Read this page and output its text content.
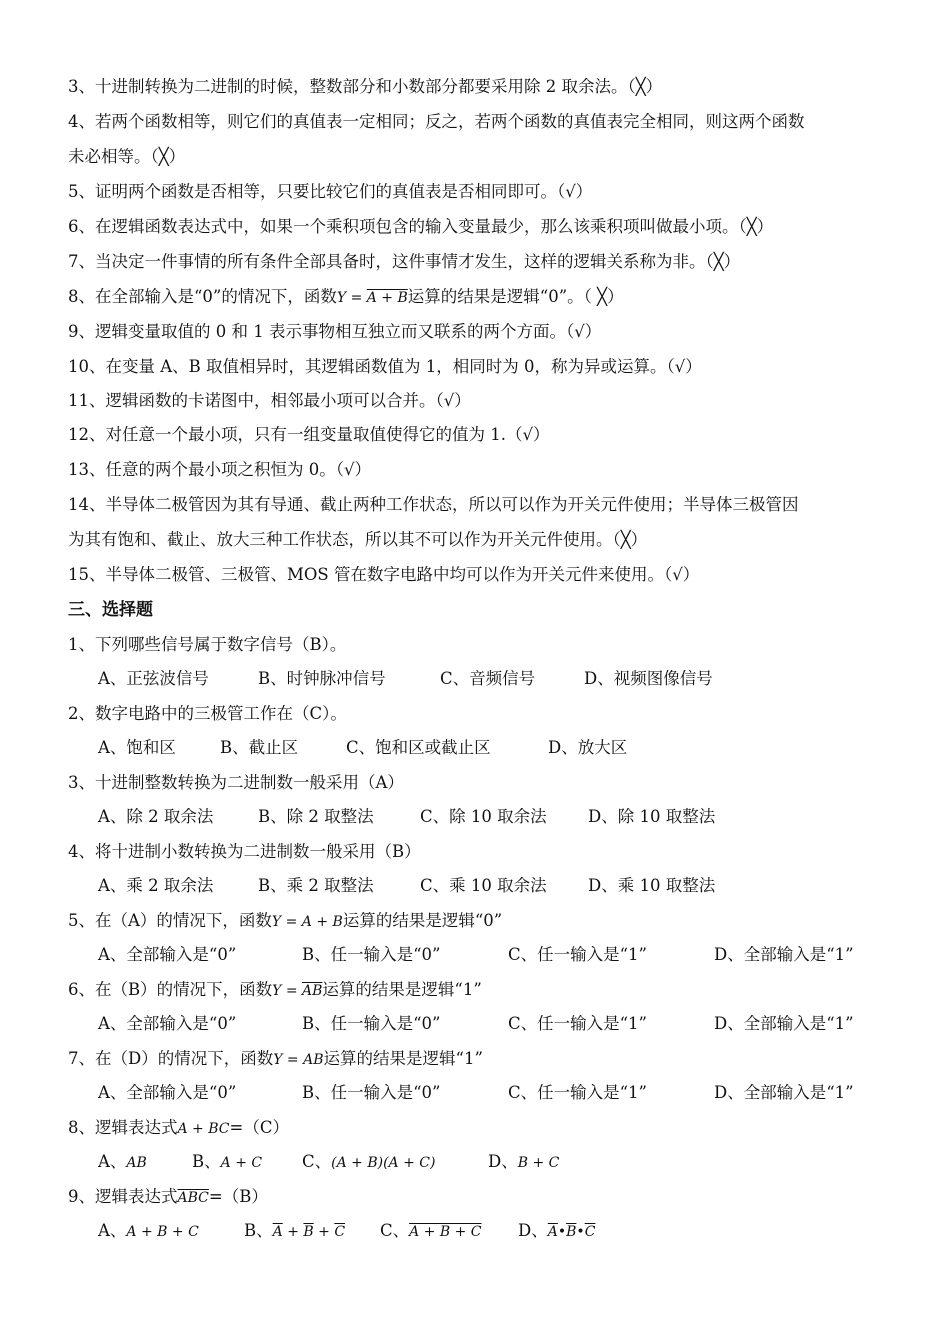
3、十进制转换为二进制的时候，整数部分和小数部分都要采用除 2 取余法。（╳）
4、若两个函数相等，则它们的真值表一定相同；反之，若两个函数的真值表完全相同，则这两个函数
未必相等。（╳）
5、证明两个函数是否相等，只要比较它们的真值表是否相同即可。（√）
6、在逻辑函数表达式中，如果一个乘积项包含的输入变量最少，那么该乘积项叫做最小项。（╳）
7、当决定一件事情的所有条件全部具备时，这件事情才发生，这样的逻辑关系称为非。（╳）
8、在全部输入是“0”的情况下，函数Y = A + B运算的结果是逻辑“0”。（ ╳）
9、逻辑变量取值的 0 和 1 表示事物相互独立而又联系的两个方面。（√）
10、在变量 A、B 取值相异时，其逻辑函数值为 1，相同时为 0，称为异或运算。（√）
11、逻辑函数的卡诺图中，相邻最小项可以合并。（√）
12、对任意一个最小项，只有一组变量取值使得它的值为 1.（√）
13、任意的两个最小项之积恒为 0。（√）
14、半导体二极管因为其有导通、截止两种工作状态，所以可以作为开关元件使用；半导体三极管因
为其有饱和、截止、放大三种工作状态，所以其不可以作为开关元件使用。（╳）
15、半导体二极管、三极管、MOS 管在数字电路中均可以作为开关元件来使用。（√）
三、选择题
1、下列哪些信号属于数字信号（B）。
A、正弦波信号	B、时钟脉冲信号	C、音频信号	D、视频图像信号
2、数字电路中的三极管工作在（C）。
A、饱和区	B、截止区	C、饱和区或截止区	D、放大区
3、十进制整数转换为二进制数一般采用（A）
A、除 2 取余法	B、除 2 取整法	C、除 10 取余法	D、除 10 取整法
4、将十进制小数转换为二进制数一般采用（B）
A、乘 2 取余法	B、乘 2 取整法	C、乘 10 取余法	D、乘 10 取整法
5、在（A）的情况下，函数Y = A + B运算的结果是逻辑“0”
A、全部输入是“0”	B、任一输入是“0”	C、任一输入是“1”	D、全部输入是“1”
6、在（B）的情况下，函数$Y = \overline{AB}$运算的结果是逻辑“1”
A、全部输入是“0”	B、任一输入是“0”	C、任一输入是“1”	D、全部输入是“1”
7、在（D）的情况下，函数Y = AB运算的结果是逻辑“1”
A、全部输入是“0”	B、任一输入是“0”	C、任一输入是“1”	D、全部输入是“1”
8、逻辑表达式A + BC=（C）
A、AB	B、A + C C、(A + B)(A + C)	D、B + C
9、逻辑表达式$\overline{ABC}=(B)$
A、A + B + C	B、$\overline{A} + \overline{B} + \overline{C}$ C、A + B + C D、$\overline{A}•\overline{B}•\overline{C}$
